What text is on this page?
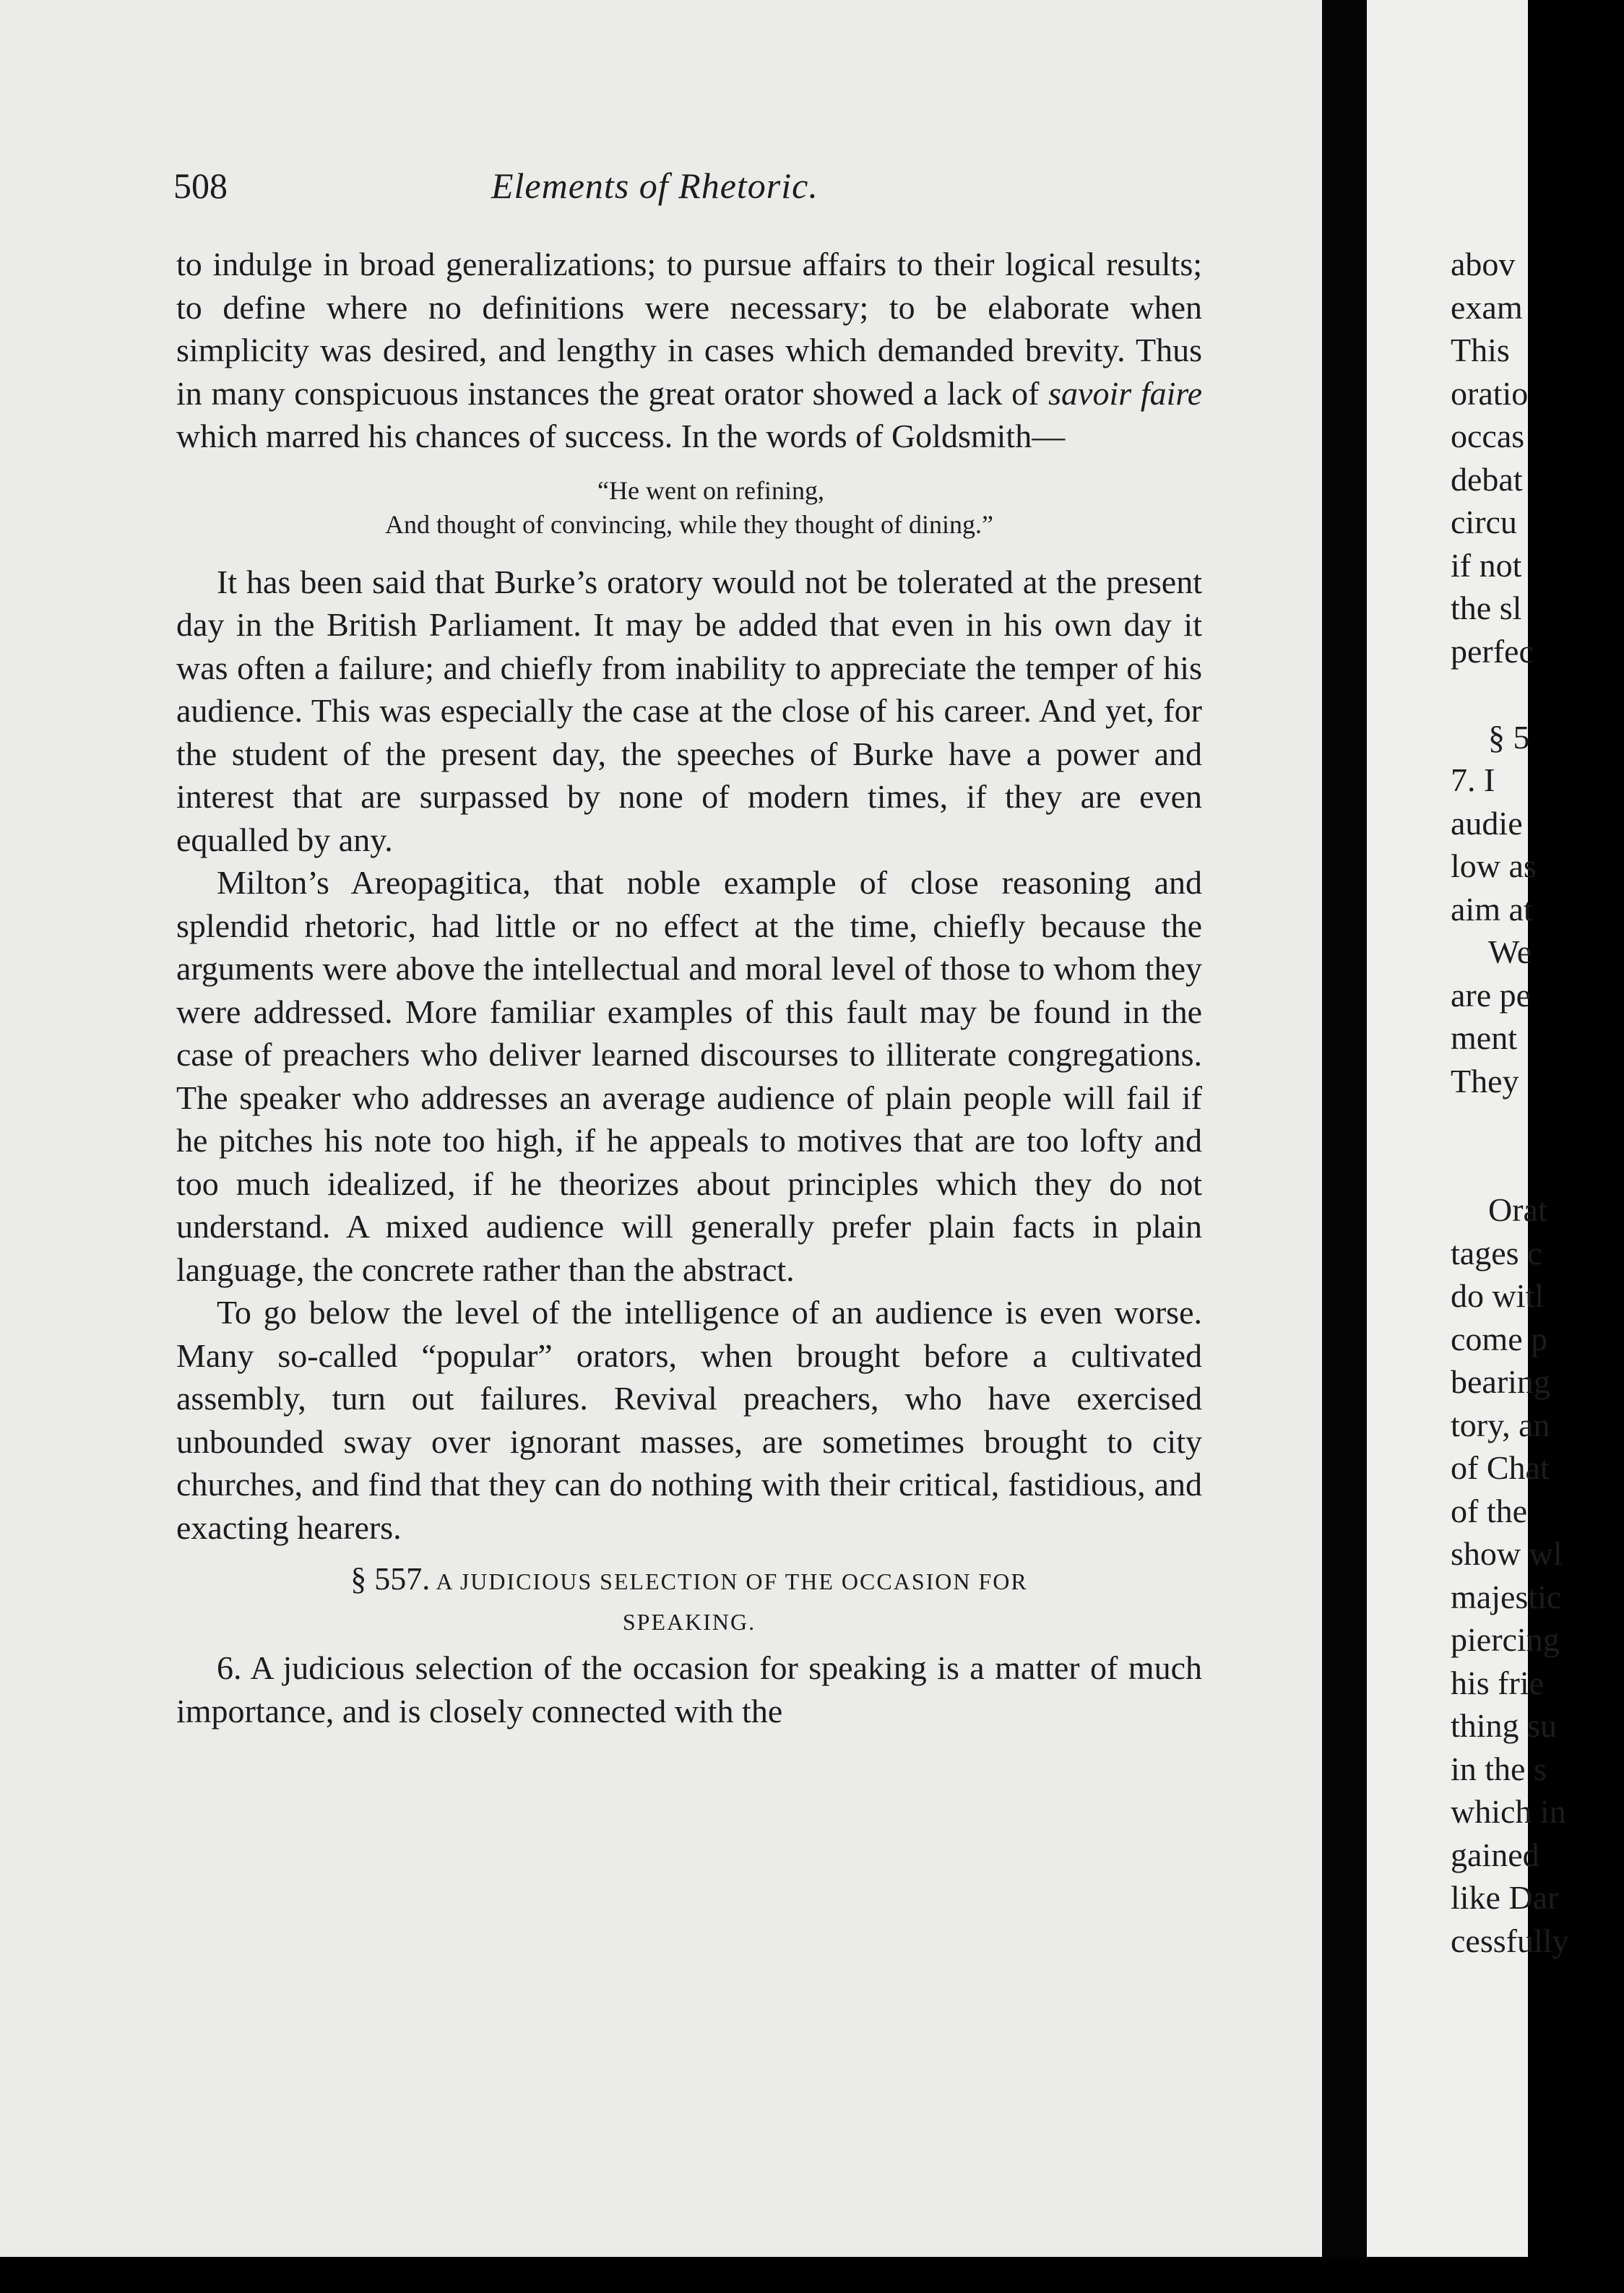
508	Elements of Rhetoric.

to indulge in broad generalizations; to pursue affairs to their logical results; to define where no definitions were necessary; to be elaborate when simplicity was desired, and lengthy in cases which demanded brevity. Thus in many conspicuous instances the great orator showed a lack of savoir faire which marred his chances of success. In the words of Goldsmith—

“He went on refining,
And thought of convincing, while they thought of dining.”

It has been said that Burke’s oratory would not be tolerated at the present day in the British Parliament. It may be added that even in his own day it was often a failure; and chiefly from inability to appreciate the temper of his audience. This was especially the case at the close of his career. And yet, for the student of the present day, the speeches of Burke have a power and interest that are surpassed by none of modern times, if they are even equalled by any.

Milton’s Areopagitica, that noble example of close reasoning and splendid rhetoric, had little or no effect at the time, chiefly because the arguments were above the intellectual and moral level of those to whom they were addressed. More familiar examples of this fault may be found in the case of preachers who deliver learned discourses to illiterate congregations. The speaker who addresses an average audience of plain people will fail if he pitches his note too high, if he appeals to motives that are too lofty and too much idealized, if he theorizes about principles which they do not understand. A mixed audience will generally prefer plain facts in plain language, the concrete rather than the abstract.

To go below the level of the intelligence of an audience is even worse. Many so-called “popular” orators, when brought before a cultivated assembly, turn out failures. Revival preachers, who have exercised unbounded sway over ignorant masses, are sometimes brought to city churches, and find that they can do nothing with their critical, fastidious, and exacting hearers.

§ 557. A JUDICIOUS SELECTION OF THE OCCASION FOR
SPEAKING.

6. A judicious selection of the occasion for speaking is a matter of much importance, and is closely connected with the

abov
exam
This
oratio
occas
debat
circu
if not
the sl
perfec
§ 5
7. I
audie
low as
aim at
We
are pe
ment
They
Orat
tages c
do witl
come p
bearing
tory, an
of Chat
of the
show wl
majestic
piercing
his frie
thing su
in the s
which in
gained
like Dar
cessfully
